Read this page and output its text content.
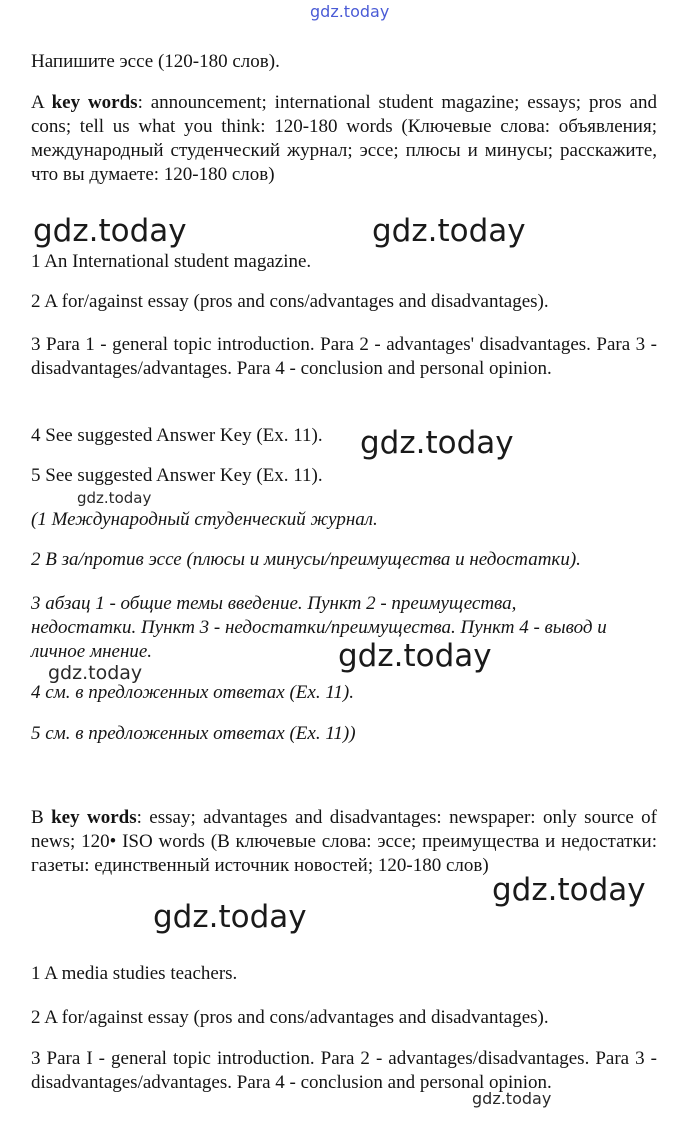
gdz.today

Напишите эссе (120-180 слов).

A key words: announcement; international student magazine; essays; pros and cons; tell us what you think: 120-180 words (Ключевые слова: объявления; международный студенческий журнал; эссе; плюсы и минусы; расскажите, что вы думаете: 120-180 слов)

gdz.today	gdz.today

1 An International student magazine.

2 A for/against essay (pros and cons/advantages and disadvantages).

3 Para 1 - general topic introduction. Para 2 - advantages' disadvantages. Para 3 - disadvantages/advantages. Para 4 - conclusion and personal opinion.

4 See suggested Answer Key (Ex. 11).	gdz.today

5 See suggested Answer Key (Ex. 11).

gdz.today

(1 Международный студенческий журнал.

2 В за/против эссе (плюсы и минусы/преимущества и недостатки).

3 абзац 1 - общие темы введение. Пункт 2 - преимущества, недостатки. Пункт 3 - недостатки/преимущества. Пункт 4 - вывод и личное мнение.	gdz.today
gdz.today

4 см. в предложенных ответах (Ex. 11).

5 см. в предложенных ответах (Ex. 11))

B key words: essay; advantages and disadvantages: newspaper: only source of news; 120• ISO words (В ключевые слова: эссе; преимущества и недостатки: газеты: единственный источник новостей; 120-180 слов)

gdz.today
gdz.today

1 A media studies teachers.

2 A for/against essay (pros and cons/advantages and disadvantages).

3 Para I - general topic introduction. Para 2 - advantages/disadvantages. Para 3 - disadvantages/advantages. Para 4 - conclusion and personal opinion.

gdz.today
